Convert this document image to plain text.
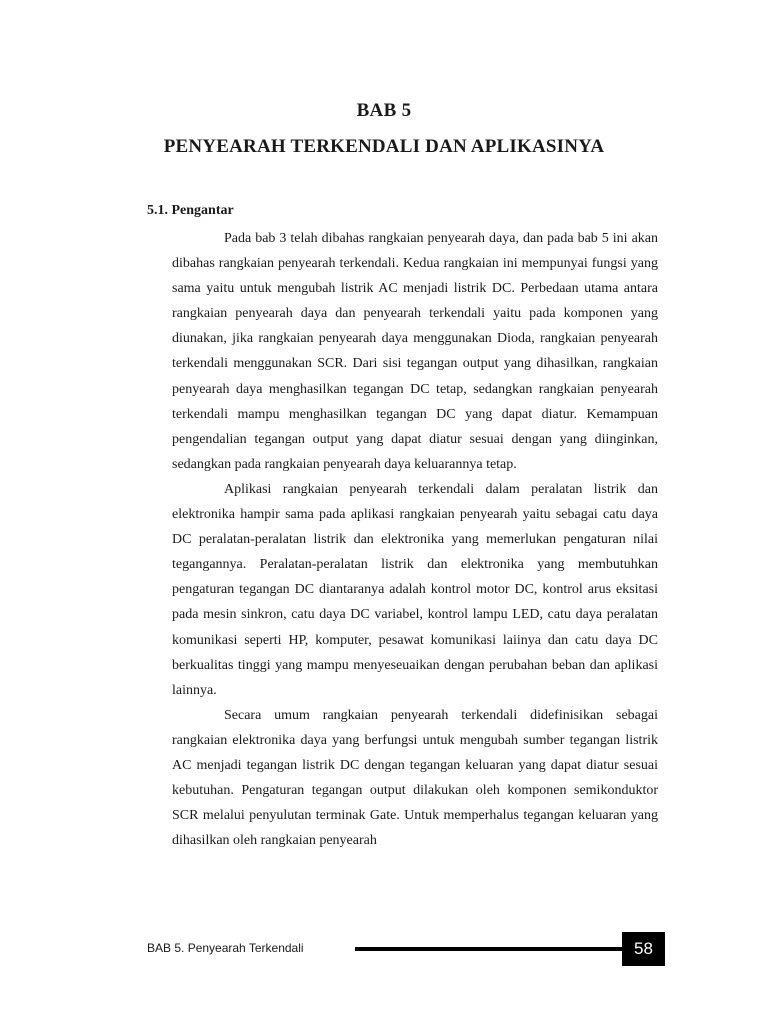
BAB 5
PENYEARAH TERKENDALI DAN APLIKASINYA
5.1. Pengantar

Pada bab 3 telah dibahas rangkaian penyearah daya, dan pada bab 5 ini akan dibahas rangkaian penyearah terkendali. Kedua rangkaian ini mempunyai fungsi yang sama yaitu untuk mengubah listrik AC menjadi listrik DC. Perbedaan utama antara rangkaian penyearah daya dan penyearah terkendali yaitu pada komponen yang diunakan, jika rangkaian penyearah daya menggunakan Dioda, rangkaian penyearah terkendali menggunakan SCR. Dari sisi tegangan output yang dihasilkan, rangkaian penyearah daya menghasilkan tegangan DC tetap, sedangkan rangkaian penyearah terkendali mampu menghasilkan tegangan DC yang dapat diatur. Kemampuan pengendalian tegangan output yang dapat diatur sesuai dengan yang diinginkan, sedangkan pada rangkaian penyearah daya keluarannya tetap.

Aplikasi rangkaian penyearah terkendali dalam peralatan listrik dan elektronika hampir sama pada aplikasi rangkaian penyearah yaitu sebagai catu daya DC peralatan-peralatan listrik dan elektronika yang memerlukan pengaturan nilai tegangannya. Peralatan-peralatan listrik dan elektronika yang membutuhkan pengaturan tegangan DC diantaranya adalah kontrol motor DC, kontrol arus eksitasi pada mesin sinkron, catu daya DC variabel, kontrol lampu LED, catu daya peralatan komunikasi seperti HP, komputer, pesawat komunikasi laiinya dan catu daya DC berkualitas tinggi yang mampu menyeseuaikan dengan perubahan beban dan aplikasi lainnya.

Secara umum rangkaian penyearah terkendali didefinisikan sebagai rangkaian elektronika daya yang berfungsi untuk mengubah sumber tegangan listrik AC menjadi tegangan listrik DC dengan tegangan keluaran yang dapat diatur sesuai kebutuhan. Pengaturan tegangan output dilakukan oleh komponen semikonduktor SCR melalui penyulutan terminak Gate. Untuk memperhalus tegangan keluaran yang dihasilkan oleh rangkaian penyearah

BAB 5. Penyearah Terkendali	58
